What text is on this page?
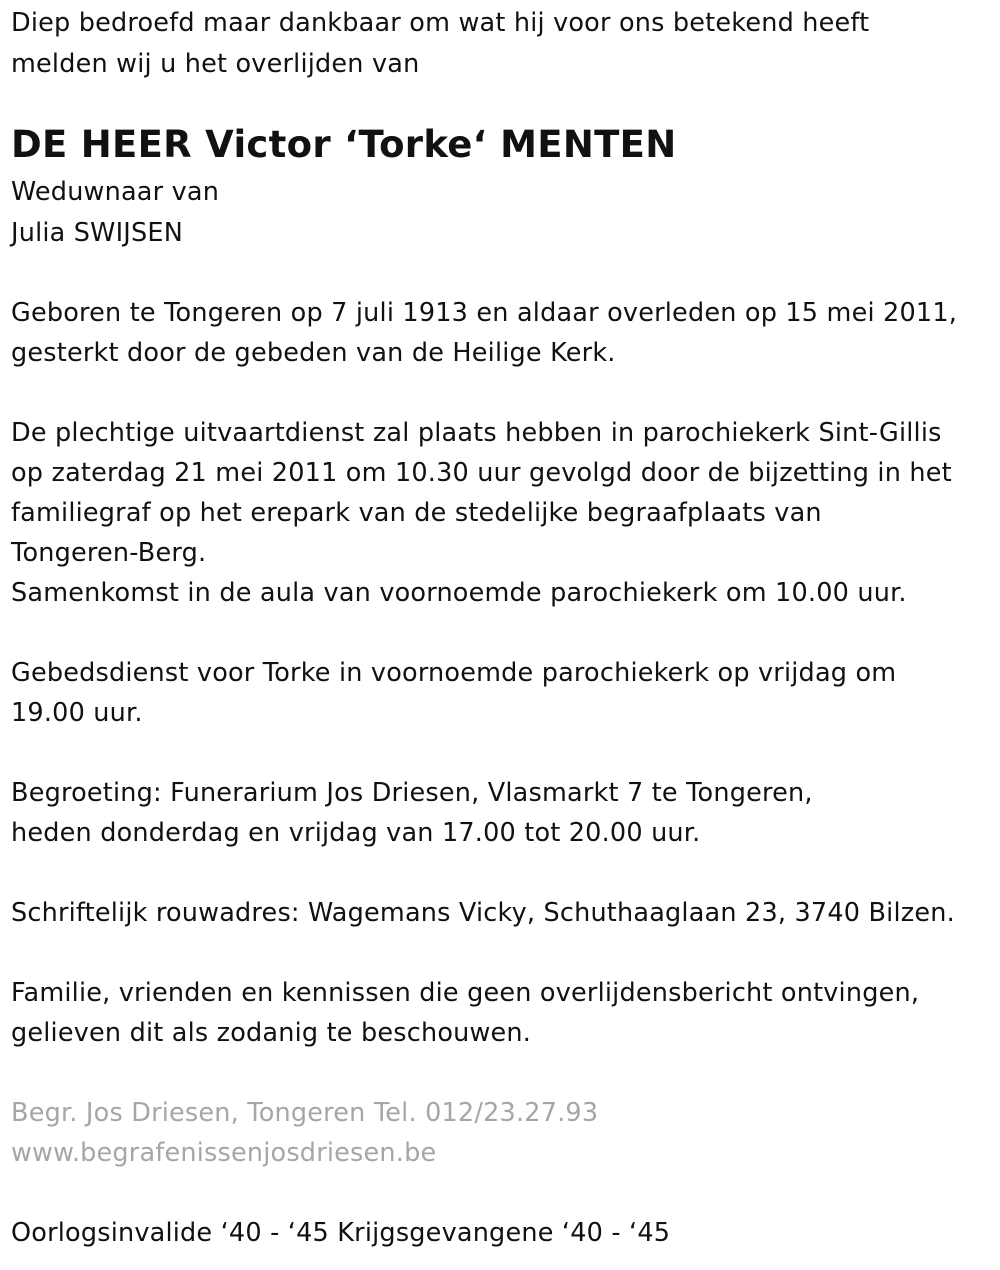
Diep bedroefd maar dankbaar om wat hij voor ons betekend heeft
melden wij u het overlijden van
DE HEER Victor ‘Torke‘ MENTEN
Weduwnaar van
Julia SWIJSEN
Geboren te Tongeren op 7 juli 1913 en aldaar overleden op 15 mei 2011,
gesterkt door de gebeden van de Heilige Kerk.
De plechtige uitvaartdienst zal plaats hebben in parochiekerk Sint-Gillis
op zaterdag 21 mei 2011 om 10.30 uur gevolgd door de bijzetting in het
familiegraf op het erepark van de stedelijke begraafplaats van
Tongeren-Berg.
Samenkomst in de aula van voornoemde parochiekerk om 10.00 uur.
Gebedsdienst voor Torke in voornoemde parochiekerk op vrijdag om
19.00 uur.
Begroeting: Funerarium Jos Driesen, Vlasmarkt 7 te Tongeren,
heden donderdag en vrijdag van 17.00 tot 20.00 uur.
Schriftelijk rouwadres: Wagemans Vicky, Schuthaaglaan 23, 3740 Bilzen.
Familie, vrienden en kennissen die geen overlijdensbericht ontvingen,
gelieven dit als zodanig te beschouwen.
Begr. Jos Driesen, Tongeren Tel. 012/23.27.93
www.begrafenissenjosdriesen.be
Oorlogsinvalide ‘40 - ‘45 Krijgsgevangene ‘40 - ‘45
